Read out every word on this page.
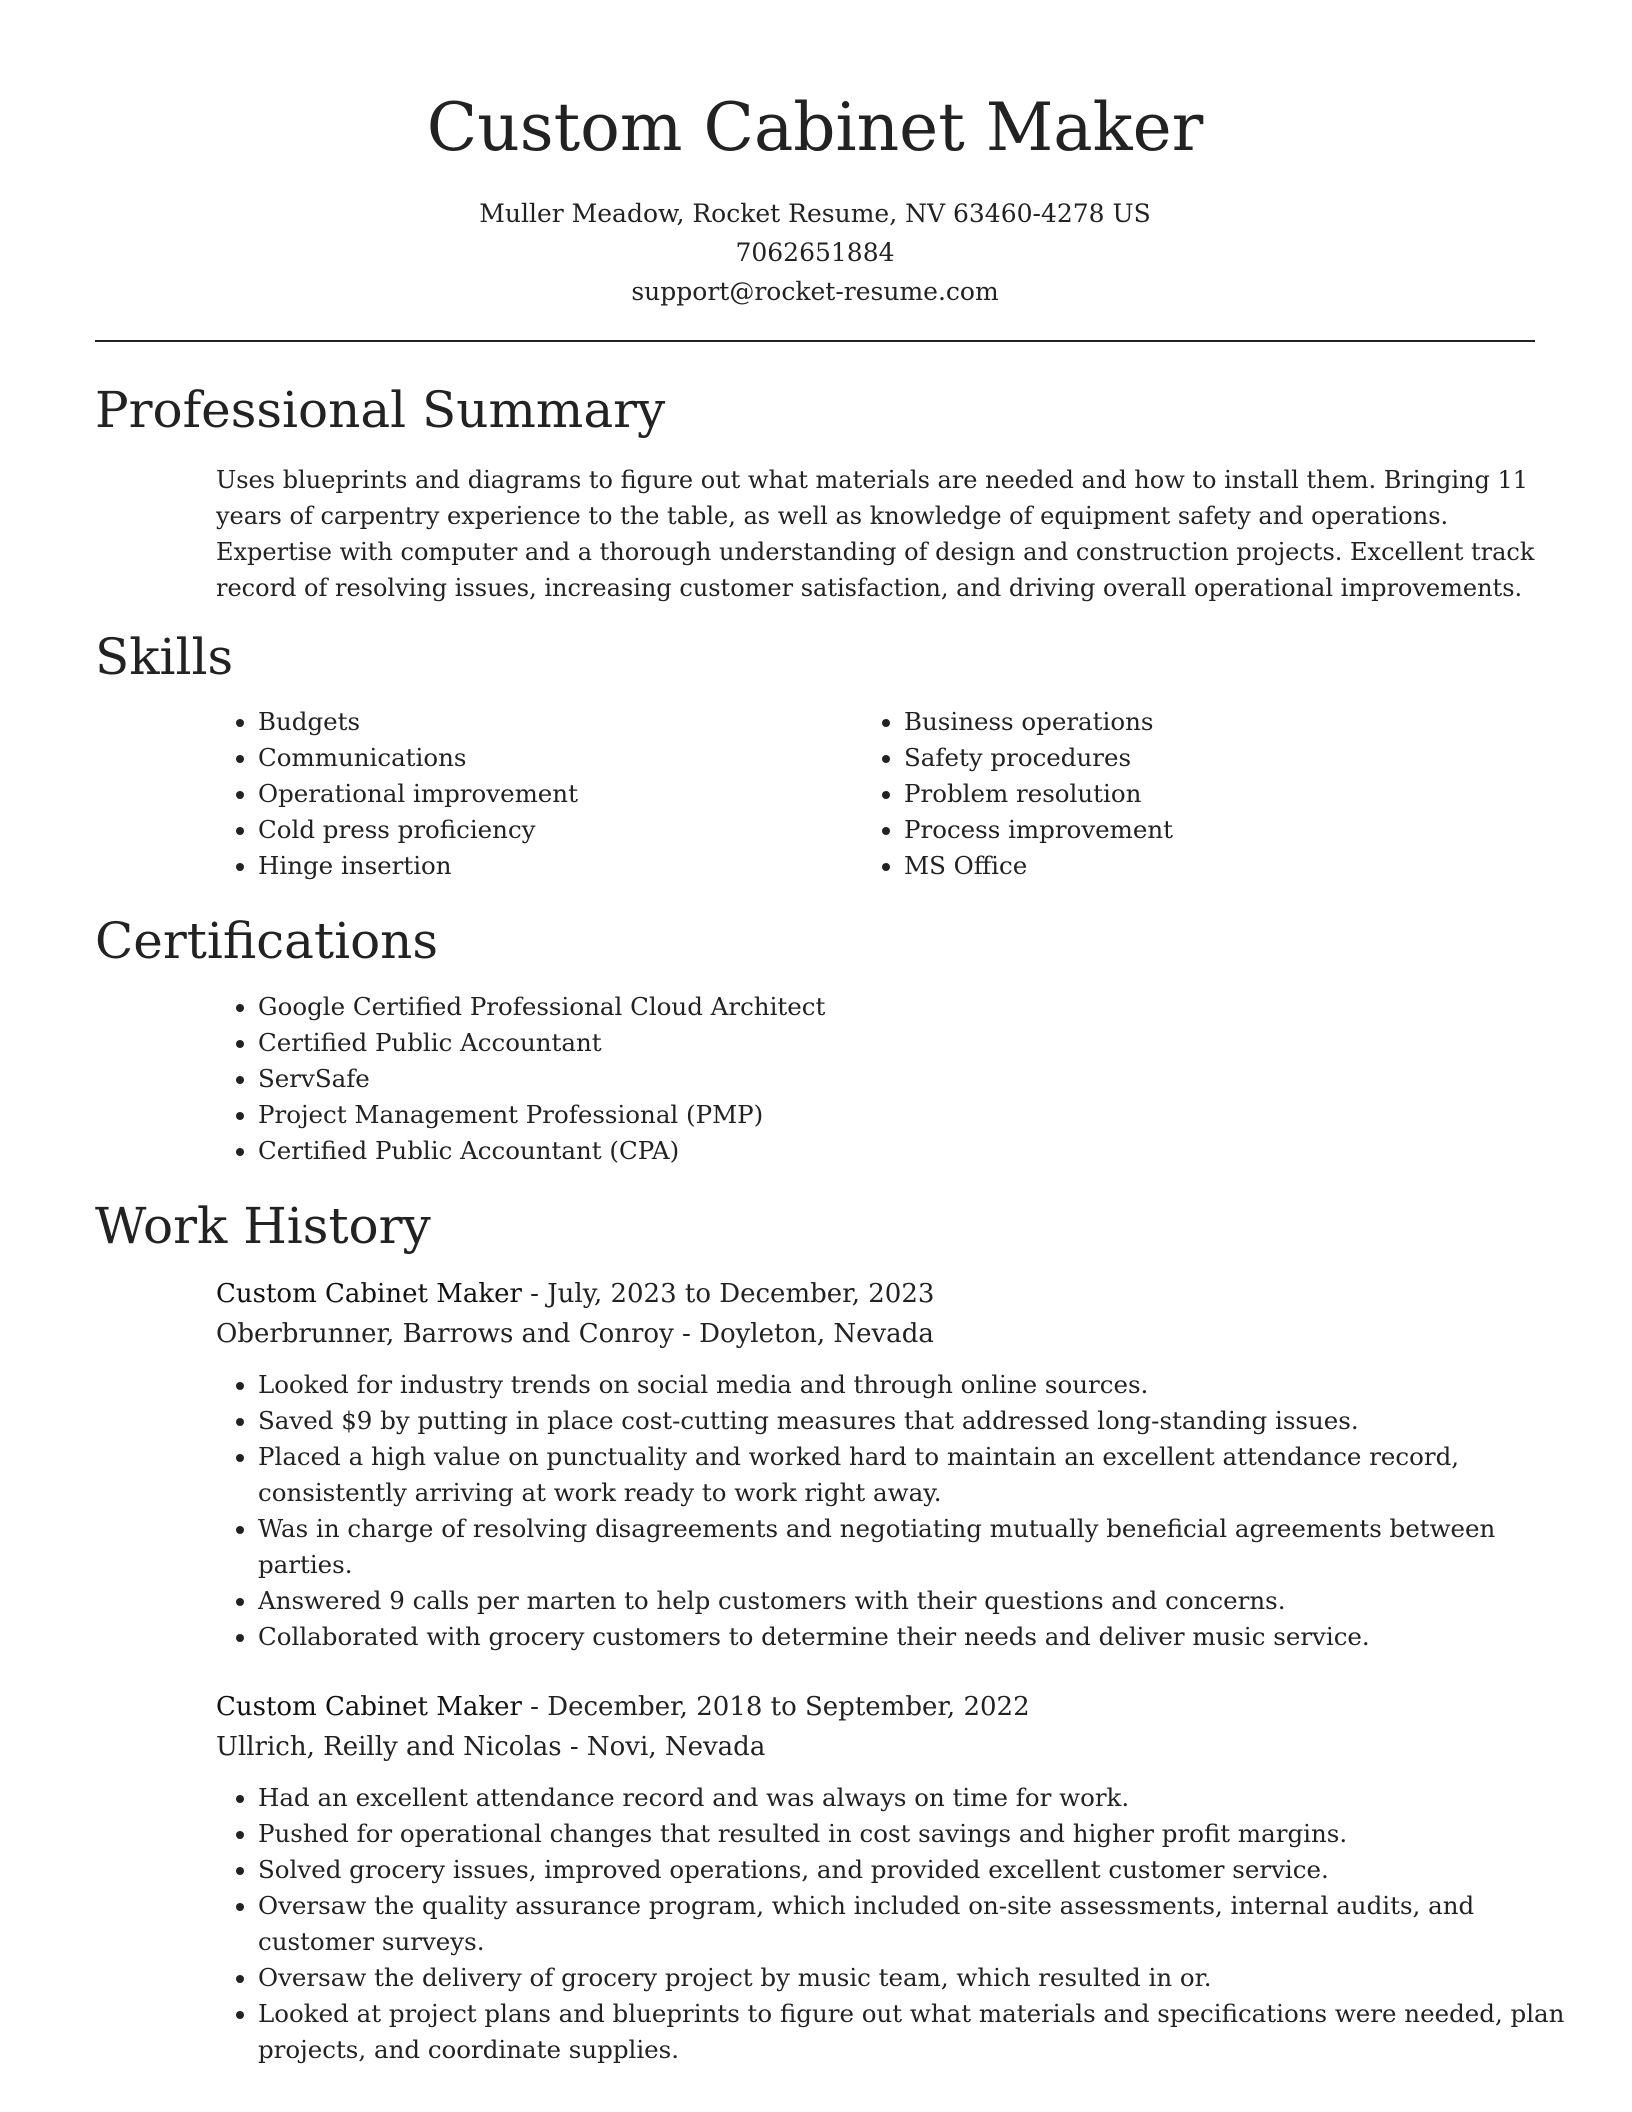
Custom Cabinet Maker

Muller Meadow, Rocket Resume, NV 63460-4278 US

7062651884

support@rocket-resume.com

Professional Summary

Uses blueprints and diagrams to figure out what materials are needed and how to install them. Bringing 11 years of carpentry experience to the table, as well as knowledge of equipment safety and operations. Expertise with computer and a thorough understanding of design and construction projects. Excellent track record of resolving issues, increasing customer satisfaction, and driving overall operational improvements.

Skills
• Budgets
• Communications
• Operational improvement
• Cold press proficiency
• Hinge insertion
• Business operations
• Safety procedures
• Problem resolution
• Process improvement
• MS Office
Certifications
• Google Certified Professional Cloud Architect
• Certified Public Accountant
• ServSafe
• Project Management Professional (PMP)
• Certified Public Accountant (CPA)
Work History

Custom Cabinet Maker - July, 2023 to December, 2023

Oberbrunner, Barrows and Conroy - Doyleton, Nevada

• Looked for industry trends on social media and through online sources.
• Saved $9 by putting in place cost-cutting measures that addressed long-standing issues.
• Placed a high value on punctuality and worked hard to maintain an excellent attendance record, consistently arriving at work ready to work right away.
• Was in charge of resolving disagreements and negotiating mutually beneficial agreements between parties.
• Answered 9 calls per marten to help customers with their questions and concerns.
• Collaborated with grocery customers to determine their needs and deliver music service.

Custom Cabinet Maker - December, 2018 to September, 2022

Ullrich, Reilly and Nicolas - Novi, Nevada

• Had an excellent attendance record and was always on time for work.
• Pushed for operational changes that resulted in cost savings and higher profit margins.
• Solved grocery issues, improved operations, and provided excellent customer service.
• Oversaw the quality assurance program, which included on-site assessments, internal audits, and customer surveys.
• Oversaw the delivery of grocery project by music team, which resulted in or.
• Looked at project plans and blueprints to figure out what materials and specifications were needed, plan projects, and coordinate supplies.
